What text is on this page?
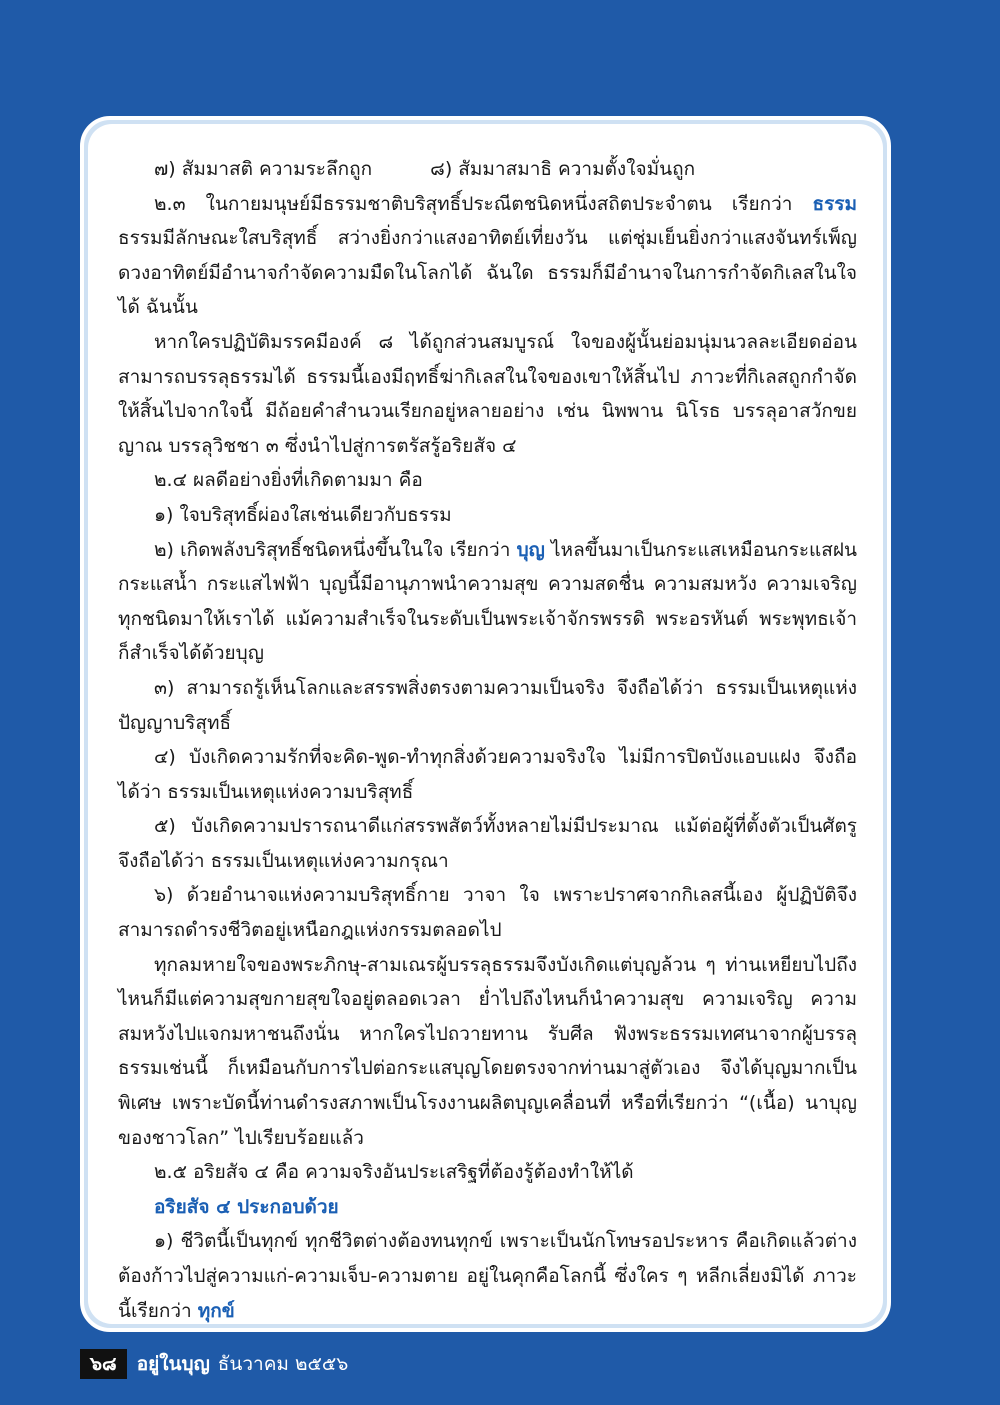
๗) สัมมาสติ ความระลึกถูก	๘) สัมมาสมาธิ ความตั้งใจมั่นถูก

๒.๓ ในกายมนุษย์มีธรรมชาติบริสุทธิ์ประณีตชนิดหนึ่งสถิตประจำตน เรียกว่า ธรรม ธรรมมีลักษณะใสบริสุทธิ์ สว่างยิ่งกว่าแสงอาทิตย์เที่ยงวัน แต่ชุ่มเย็นยิ่งกว่าแสงจันทร์เพ็ญ ดวงอาทิตย์มีอำนาจกำจัดความมืดในโลกได้ ฉันใด ธรรมก็มีอำนาจในการกำจัดกิเลสในใจได้ ฉันนั้น

หากใครปฏิบัติมรรคมีองค์ ๘ ได้ถูกส่วนสมบูรณ์ ใจของผู้นั้นย่อมนุ่มนวลละเอียดอ่อน สามารถบรรลุธรรมได้ ธรรมนี้เองมีฤทธิ์ฆ่ากิเลสในใจของเขาให้สิ้นไป ภาวะที่กิเลสถูกกำจัดให้สิ้นไปจากใจนี้ มีถ้อยคำสำนวนเรียกอยู่หลายอย่าง เช่น นิพพาน นิโรธ บรรลุอาสวักขยญาณ บรรลุวิชชา ๓ ซึ่งนำไปสู่การตรัสรู้อริยสัจ ๔

๒.๔ ผลดีอย่างยิ่งที่เกิดตามมา คือ

๑) ใจบริสุทธิ์ผ่องใสเช่นเดียวกับธรรม

๒) เกิดพลังบริสุทธิ์ชนิดหนึ่งขึ้นในใจ เรียกว่า บุญ ไหลขึ้นมาเป็นกระแสเหมือนกระแสฝน กระแสน้ำ กระแสไฟฟ้า บุญนี้มีอานุภาพนำความสุข ความสดชื่น ความสมหวัง ความเจริญทุกชนิดมาให้เราได้ แม้ความสำเร็จในระดับเป็นพระเจ้าจักรพรรดิ พระอรหันต์ พระพุทธเจ้า ก็สำเร็จได้ด้วยบุญ

๓) สามารถรู้เห็นโลกและสรรพสิ่งตรงตามความเป็นจริง จึงถือได้ว่า ธรรมเป็นเหตุแห่งปัญญาบริสุทธิ์

๔) บังเกิดความรักที่จะคิด-พูด-ทำทุกสิ่งด้วยความจริงใจ ไม่มีการปิดบังแอบแฝง จึงถือได้ว่า ธรรมเป็นเหตุแห่งความบริสุทธิ์

๕) บังเกิดความปรารถนาดีแก่สรรพสัตว์ทั้งหลายไม่มีประมาณ แม้ต่อผู้ที่ตั้งตัวเป็นศัตรู จึงถือได้ว่า ธรรมเป็นเหตุแห่งความกรุณา

๖) ด้วยอำนาจแห่งความบริสุทธิ์กาย วาจา ใจ เพราะปราศจากกิเลสนี้เอง ผู้ปฏิบัติจึงสามารถดำรงชีวิตอยู่เหนือกฎแห่งกรรมตลอดไป

ทุกลมหายใจของพระภิกษุ-สามเณรผู้บรรลุธรรมจึงบังเกิดแต่บุญล้วน ๆ ท่านเหยียบไปถึงไหนก็มีแต่ความสุขกายสุขใจอยู่ตลอดเวลา ย่ำไปถึงไหนก็นำความสุข ความเจริญ ความสมหวังไปแจกมหาชนถึงนั่น หากใครไปถวายทาน รับศีล ฟังพระธรรมเทศนาจากผู้บรรลุธรรมเช่นนี้ ก็เหมือนกับการไปต่อกระแสบุญโดยตรงจากท่านมาสู่ตัวเอง จึงได้บุญมากเป็นพิเศษ เพราะบัดนี้ท่านดำรงสภาพเป็นโรงงานผลิตบุญเคลื่อนที่ หรือที่เรียกว่า “(เนื้อ) นาบุญของชาวโลก” ไปเรียบร้อยแล้ว

๒.๕ อริยสัจ ๔ คือ ความจริงอันประเสริฐที่ต้องรู้ต้องทำให้ได้

อริยสัจ ๔ ประกอบด้วย

๑) ชีวิตนี้เป็นทุกข์ ทุกชีวิตต่างต้องทนทุกข์ เพราะเป็นนักโทษรอประหาร คือเกิดแล้วต่างต้องก้าวไปสู่ความแก่-ความเจ็บ-ความตาย อยู่ในคุกคือโลกนี้ ซึ่งใคร ๆ หลีกเลี่ยงมิได้ ภาวะนี้เรียกว่า ทุกข์

๖๘	อยู่ในบุญ ธันวาคม ๒๕๕๖
